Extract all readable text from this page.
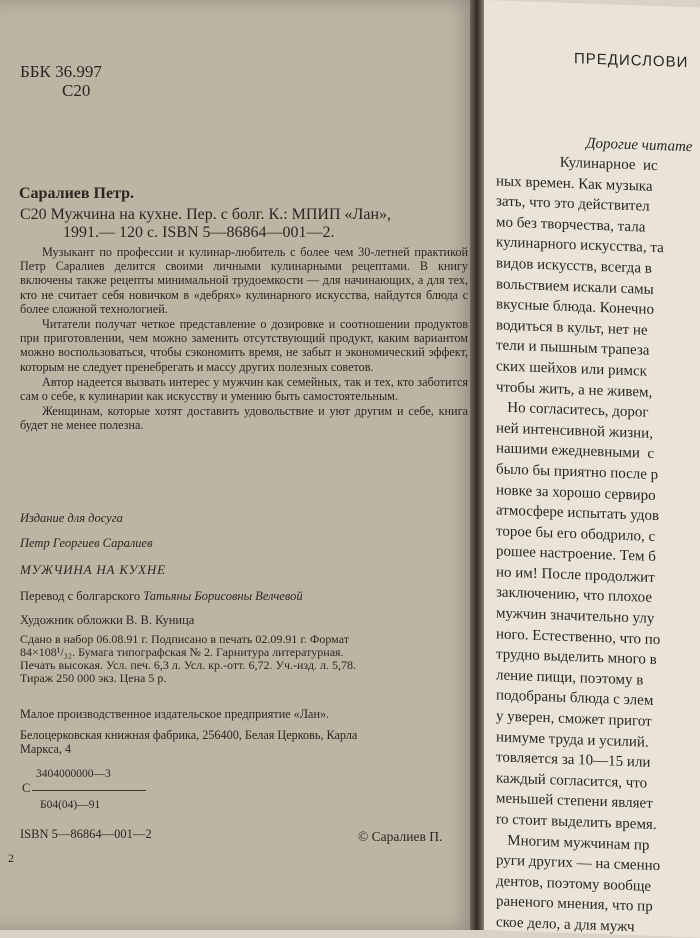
ББК 36.997
С20
Саралиев Петр.
С20 Мужчина на кухне. Пер. с болг. К.: МПИП «Лан»,
1991.— 120 с. ISBN 5—86864—001—2.

Музыкант по профессии и кулинар-любитель с более чем 30-летней практикой Петр Саралиев делится своими личными кулинарными рецептами. В книгу включены также рецепты минимальной трудоемкости — для начинающих, а для тех, кто не считает себя новичком в «дебрях» кулинарного искусства, найдутся блюда с более сложной технологией.

Читатели получат четкое представление о дозировке и соотношении продуктов при приготовлении, чем можно заменить отсутствующий продукт, каким вариантом можно воспользоваться, чтобы сэкономить время, не забыт и экономический эффект, которым не следует пренебрегать и массу других полезных советов.

Автор надеется вызвать интерес у мужчин как семейных, так и тех, кто заботится сам о себе, к кулинарии как искусству и умению быть самостоятельным.

Женщинам, которые хотят доставить удовольствие и уют другим и себе, книга будет не менее полезна.

Издание для досуга
Петр Георгиев Саралиев
МУЖЧИНА НА КУХНЕ
Перевод с болгарского Татьяны Борисовны Велчевой
Художник обложки В. В. Куница
Сдано в набор 06.08.91 г. Подписано в печать 02.09.91 г. Формат
84×108¹/₃₂. Бумага типографская № 2. Гарнитура литературная.
Печать высокая. Усл. печ. 6,3 л. Усл. кр.-отт. 6,72. Уч.-изд. л. 5,78.
Тираж 250 000 экз. Цена 5 р.
Малое производственное издательское предприятие «Лан».
Белоцерковская книжная фабрика, 256400, Белая Церковь, Карла
Маркса, 4
3404000000—3
С
Б04(04)—91
ISBN 5—86864—001—2	© Саралиев П.
2
ПРЕДИСЛОВИ
Дорогие читате
Кулинарное  ис
ных времен. Как музыка
зать, что это действител
мо без творчества, тала
кулинарного искусства, та
видов искусств, всегда в
вольствием искали самы
вкусные блюда. Конечно
водиться в культ, нет не
тели и пышным трапеза
ских шейхов или римск
чтобы жить, а не живем,
Но согласитесь, дорог
ней интенсивной жизни,
нашими ежедневными  с
было бы приятно после р
новке за хорошо сервиро
атмосфере испытать удов
торое бы его ободрило, с
рошее настроение. Тем б
но им! После продолжит
заключению, что плохое
мужчин значительно улу
ного. Естественно, что по
трудно выделить много в
ление пищи, поэтому в
подобраны блюда с элем
у уверен, сможет пригот
нимуме труда и усилий.
товляется за 10—15 или
каждый согласится, что
меньшей степени являет
ro стоит выделить время.
Многим мужчинам пр
руги других — на сменно
дентов, поэтому вообще
раненого мнения, что пр
ское дело, а для мужч
